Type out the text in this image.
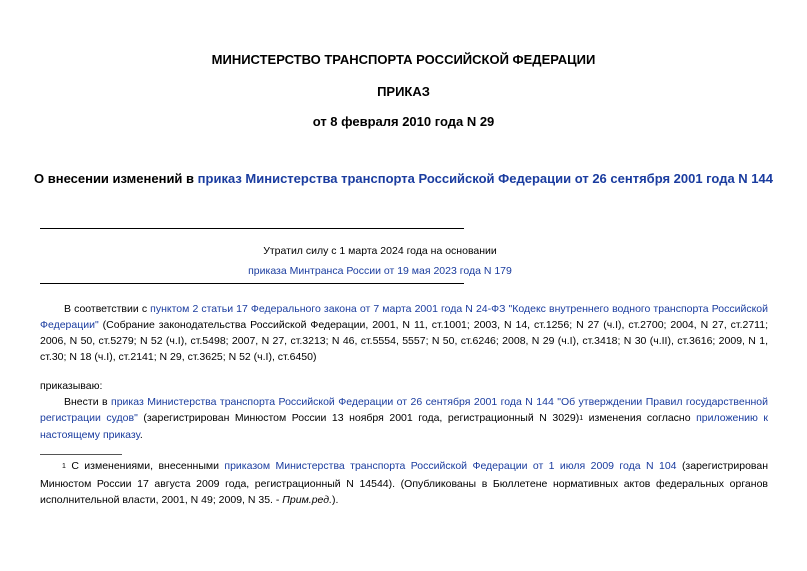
МИНИСТЕРСТВО ТРАНСПОРТА РОССИЙСКОЙ ФЕДЕРАЦИИ
ПРИКАЗ
от 8 февраля 2010 года N 29
О внесении изменений в приказ Министерства транспорта Российской Федерации от 26 сентября 2001 года N 144
Утратил силу с 1 марта 2024 года на основании
приказа Минтранса России от 19 мая 2023 года N 179
В соответствии с пунктом 2 статьи 17 Федерального закона от 7 марта 2001 года N 24-ФЗ "Кодекс внутреннего водного транспорта Российской Федерации" (Собрание законодательства Российской Федерации, 2001, N 11, ст.1001; 2003, N 14, ст.1256; N 27 (ч.I), ст.2700; 2004, N 27, ст.2711; 2006, N 50, ст.5279; N 52 (ч.I), ст.5498; 2007, N 27, ст.3213; N 46, ст.5554, 5557; N 50, ст.6246; 2008, N 29 (ч.I), ст.3418; N 30 (ч.II), ст.3616; 2009, N 1, ст.30; N 18 (ч.I), ст.2141; N 29, ст.3625; N 52 (ч.I), ст.6450)
приказываю:
Внести в приказ Министерства транспорта Российской Федерации от 26 сентября 2001 года N 144 "Об утверждении Правил государственной регистрации судов" (зарегистрирован Минюстом России 13 ноября 2001 года, регистрационный N 3029)$^1$ изменения согласно приложению к настоящему приказу.
$^1$ С изменениями, внесенными приказом Министерства транспорта Российской Федерации от 1 июля 2009 года N 104 (зарегистрирован Минюстом России 17 августа 2009 года, регистрационный N 14544). (Опубликованы в Бюллетене нормативных актов федеральных органов исполнительной власти, 2001, N 49; 2009, N 35. - Прим.ред.).
